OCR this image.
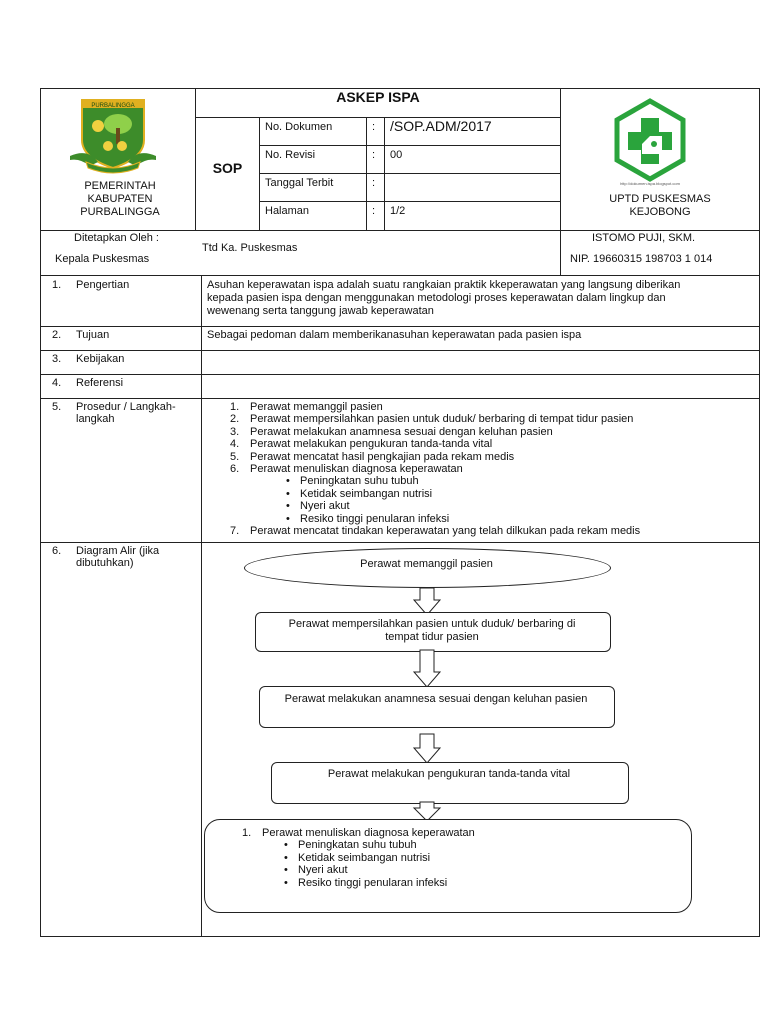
PURBALINGGA
PEMERINTAH
KABUPATEN
PURBALINGGA
ASKEP ISPA
SOP
No. Dokumen	: /SOP.ADM/2017
No. Revisi	: 00
Tanggal Terbit	:
Halaman	: 1/2
http://dokumen.ispa.blogspot.com
UPTD PUSKESMAS
KEJOBONG
Ditetapkan Oleh :
Kepala Puskesmas
Ttd Ka. Puskesmas
ISTOMO PUJI, SKM.
NIP. 19660315 198703 1 014
1. Pengertian	Asuhan keperawatan ispa adalah suatu rangkaian praktik kkeperawatan yang langsung diberikan
kepada pasien ispa dengan menggunakan metodologi proses keperawatan dalam lingkup dan
wewenang serta tanggung jawab keperawatan
2. Tujuan	Sebagai pedoman dalam memberikanasuhan keperawatan pada pasien ispa
3. Kebijakan
4. Referensi
5. Prosedur / Langkah-
langkah
1. Perawat memanggil pasien
2. Perawat mempersilahkan pasien untuk duduk/ berbaring di tempat tidur pasien
3. Perawat melakukan anamnesa sesuai dengan keluhan pasien
4. Perawat melakukan pengukuran tanda-tanda vital
5. Perawat mencatat hasil pengkajian pada rekam medis
6. Perawat menuliskan diagnosa keperawatan
• Peningkatan suhu tubuh
• Ketidak seimbangan nutrisi
• Nyeri akut
• Resiko tinggi penularan infeksi
7. Perawat mencatat tindakan keperawatan yang telah dilkukan pada rekam medis
6. Diagram Alir (jika
dibutuhkan)	Perawat memanggil pasien
Perawat mempersilahkan pasien untuk duduk/ berbaring di
tempat tidur pasien
Perawat melakukan anamnesa sesuai dengan keluhan pasien
Perawat melakukan pengukuran tanda-tanda vital
1. Perawat menuliskan diagnosa keperawatan
• Peningkatan suhu tubuh
• Ketidak seimbangan nutrisi
• Nyeri akut
• Resiko tinggi penularan infeksi
